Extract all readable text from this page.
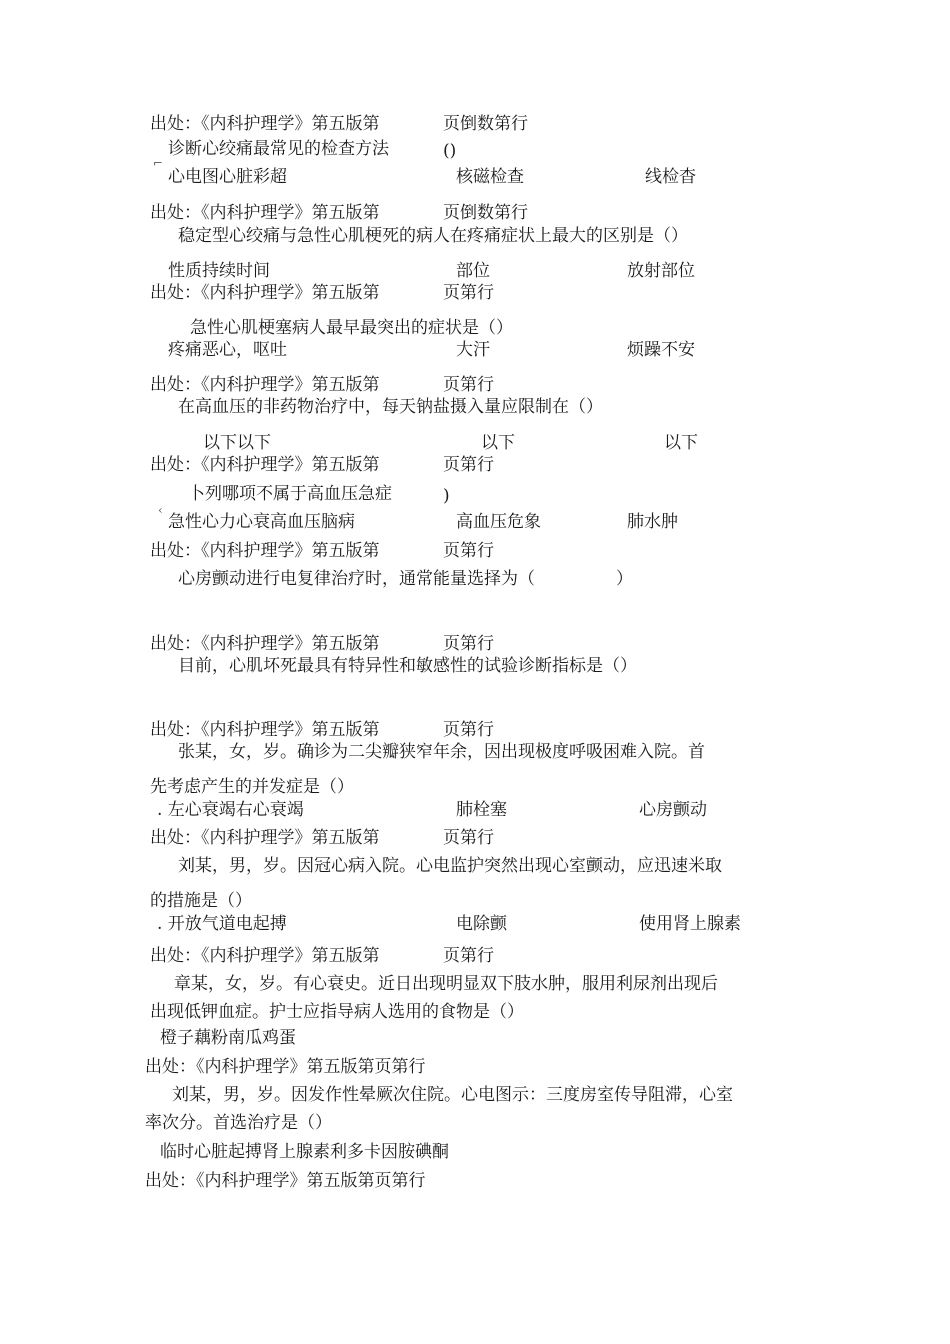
⌐
‹
出处：《内科护理学》第五版第	页倒数第行
诊断心绞痛最常见的检查方法	()
心电图心脏彩超	核磁检查	线检杳
出处：《内科护理学》第五版第	页倒数第行
稳定型心绞痛与急性心肌梗死的病人在疼痛症状上最大的区别是（）
性质持续时间	部位	放射部位
出处：《内科护理学》第五版第	页第行
急性心肌梗塞病人最早最突出的症状是（）
疼痛恶心，呕吐	大汗	烦躁不安
出处：《内科护理学》第五版第	页第行
在高血压的非药物治疗中，每天钠盐摄入量应限制在（）
以下以下	以下	以下
出处：《内科护理学》第五版第	页第行
卜列哪项不属于高血压急症	)
急性心力心衰高血压脑病	高血压危象	肺水肿
出处：《内科护理学》第五版第	页第行
心房颤动进行电复律治疗时，通常能量选择为（	）
出处：《内科护理学》第五版第	页第行
目前，心肌坏死最具有特异性和敏感性的试验诊断指标是（）
出处：《内科护理学》第五版第	页第行
张某，女，岁。确诊为二尖瓣狭窄年余，因出现极度呼吸困难入院。首
先考虑产生的并发症是（）
. 左心衰竭右心衰竭	肺栓塞	心房颤动
出处：《内科护理学》第五版第	页第行
刘某，男，岁。因冠心病入院。心电监护突然出现心室颤动，应迅速米取
的措施是（）
. 开放气道电起搏	电除颤	使用肾上腺素
出处：《内科护理学》第五版第	页第行
章某，女，岁。有心衰史。近日出现明显双下肢水肿，服用利尿剂出现后
出现低钾血症。护士应指导病人选用的食物是（）
橙子藕粉南瓜鸡蛋
出处：《内科护理学》第五版第页第行
刘某，男，岁。因发作性晕厥次住院。心电图示：三度房室传导阻滞，心室
率次分。首选治疗是（）
临时心脏起搏肾上腺素利多卡因胺碘酮
出处：《内科护理学》第五版第页第行
